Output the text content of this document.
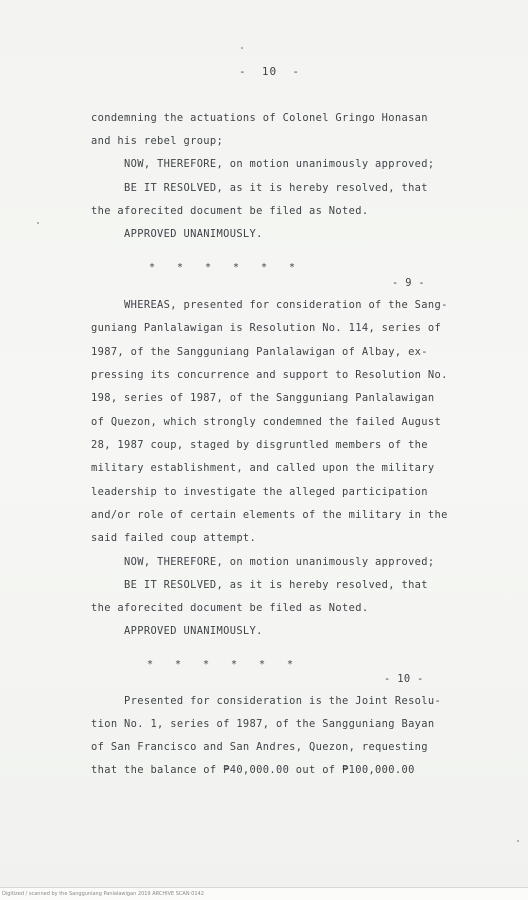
-  10  -
condemning the actuations of Colonel Gringo Honasan
and his rebel group;
NOW, THEREFORE, on motion unanimously approved;
BE IT RESOLVED, as it is hereby resolved, that
the aforecited document be filed as Noted.
APPROVED UNANIMOUSLY.

* * * * * *

- 9 -
WHEREAS, presented for consideration of the Sang-
guniang Panlalawigan is Resolution No. 114, series of
1987, of the Sangguniang Panlalawigan of Albay, ex-
pressing its concurrence and support to Resolution No.
198, series of 1987, of the Sangguniang Panlalawigan
of Quezon, which strongly condemned the failed August
28, 1987 coup, staged by disgruntled members of the
military establishment, and called upon the military
leadership to investigate the alleged participation
and/or role of certain elements of the military in the
said failed coup attempt.
NOW, THEREFORE, on motion unanimously approved;
BE IT RESOLVED, as it is hereby resolved, that
the aforecited document be filed as Noted.
APPROVED UNANIMOUSLY.

* * * * * *

- 10 -
Presented for consideration is the Joint Resolu-
tion No. 1, series of 1987, of the Sangguniang Bayan
of San Francisco and San Andres, Quezon, requesting
that the balance of ₱40,000.00 out of ₱100,000.00
Digitized / scanned by the Sangguniang Panlalawigan 2019 ARCHIVE SCAN 0142
